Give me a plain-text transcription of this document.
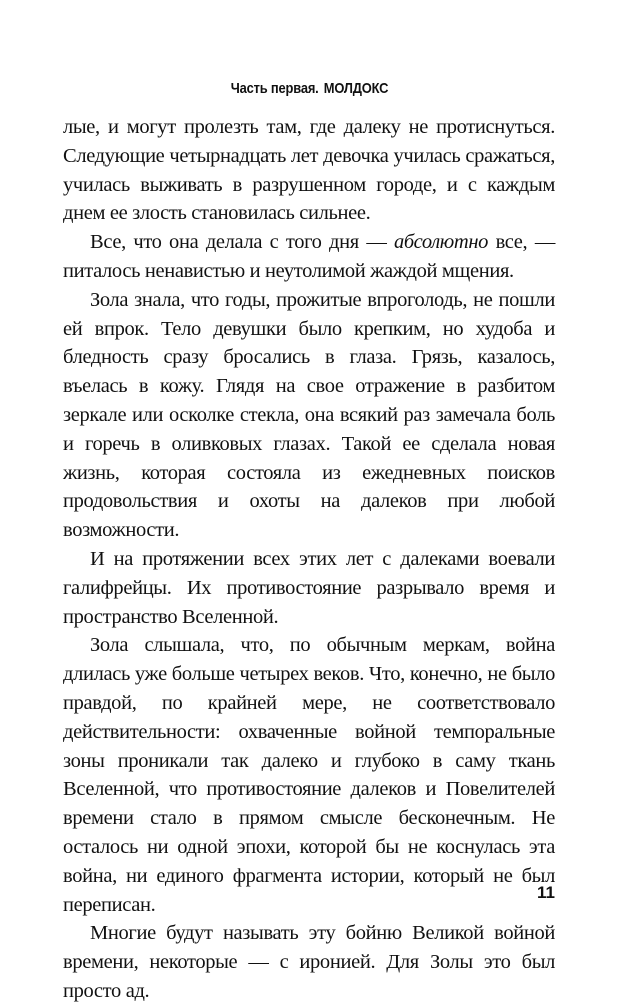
Часть первая. МОЛДОКС

лые, и могут пролезть там, где далеку не протиснуться. Следующие четырнадцать лет девочка училась сражаться, училась выживать в разрушенном городе, и с каждым днем ее злость становилась сильнее.

Все, что она делала с того дня — абсолютно все, — питалось ненавистью и неутолимой жаждой мщения.

Зола знала, что годы, прожитые впроголодь, не пошли ей впрок. Тело девушки было крепким, но худоба и бледность сразу бросались в глаза. Грязь, казалось, въелась в кожу. Глядя на свое отражение в разбитом зеркале или осколке стекла, она всякий раз замечала боль и горечь в оливковых глазах. Такой ее сделала новая жизнь, которая состояла из ежедневных поисков продовольствия и охоты на далеков при любой возможности.

И на протяжении всех этих лет с далеками воевали галифрейцы. Их противостояние разрывало время и пространство Вселенной.

Зола слышала, что, по обычным меркам, война длилась уже больше четырех веков. Что, конечно, не было правдой, по крайней мере, не соответствовало действительности: охваченные войной темпоральные зоны проникали так далеко и глубоко в саму ткань Вселенной, что противостояние далеков и Повелителей времени стало в прямом смысле бесконечным. Не осталось ни одной эпохи, которой бы не коснулась эта война, ни единого фрагмента истории, который не был переписан.

Многие будут называть эту бойню Великой войной времени, некоторые — с иронией. Для Золы это был просто ад.

11
